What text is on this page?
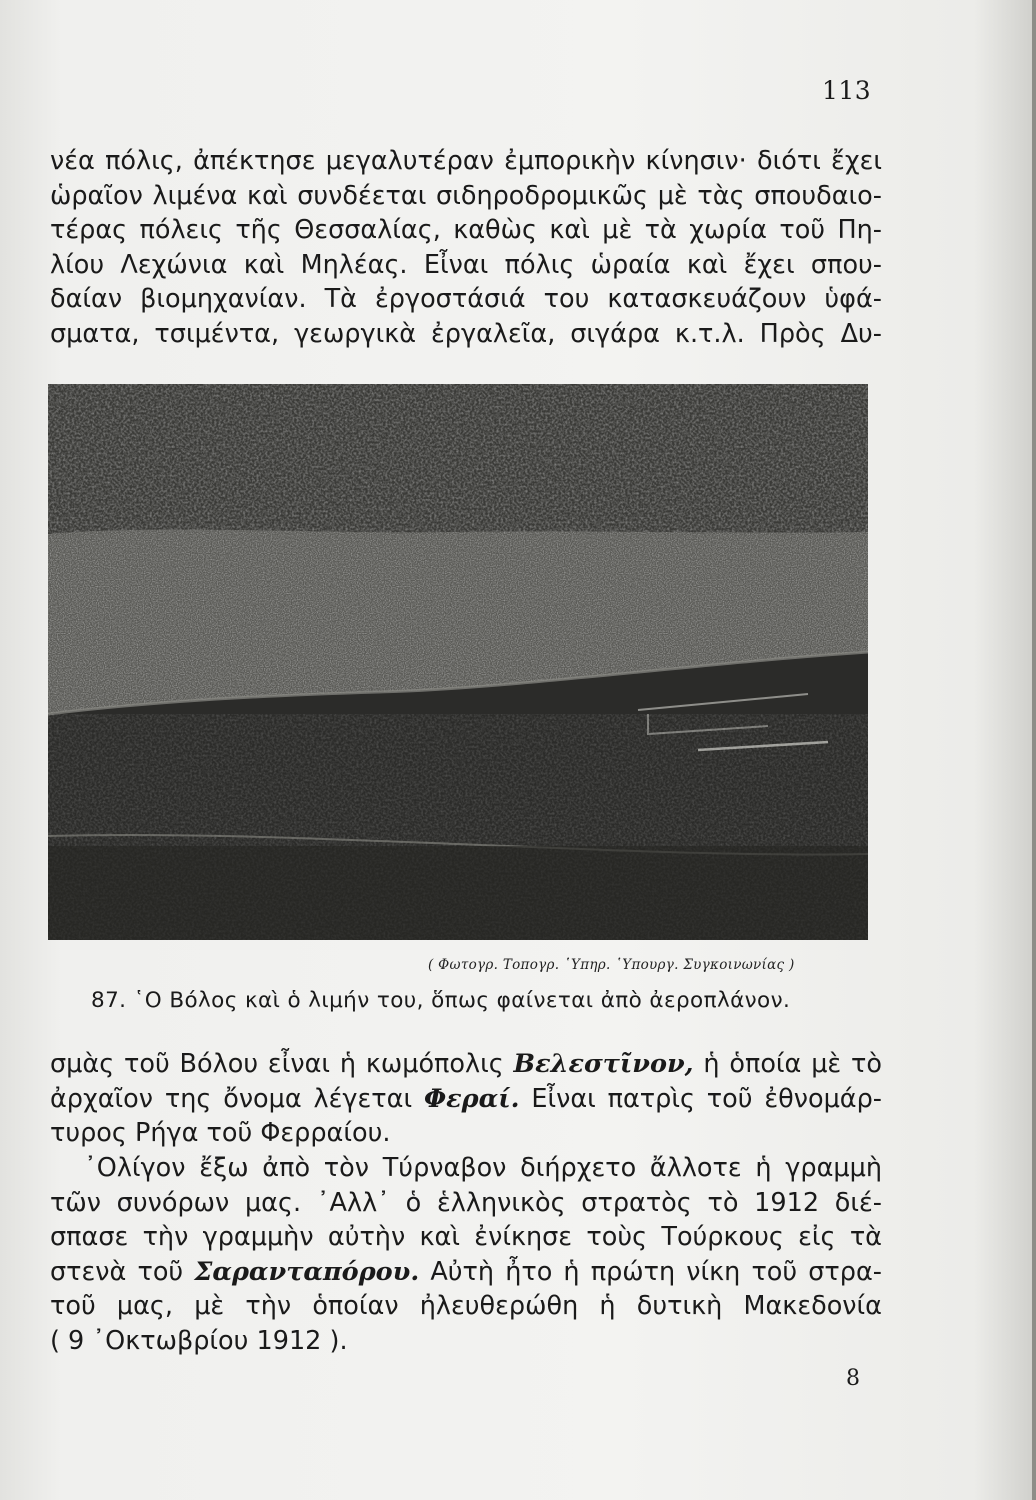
113
νέα πόλις, ἀπέκτησε μεγαλυτέραν ἐμπορικὴν κίνησιν· διότι ἔχει
ὡραῖον λιμένα καὶ συνδέεται σιδηροδρομικῶς μὲ τὰς σπουδαιο-
τέρας πόλεις τῆς Θεσσαλίας, καθὼς καὶ μὲ τὰ χωρία τοῦ Πη-
λίου Λεχώνια καὶ Μηλέας. Εἶναι πόλις ὡραία καὶ ἔχει σπου-
δαίαν βιομηχανίαν. Τὰ ἐργοστάσιά του κατασκευάζουν ὑφά-
σματα, τσιμέντα, γεωργικὰ ἐργαλεῖα, σιγάρα κ.τ.λ. Πρὸς Δυ-
( Φωτογρ. Τοπογρ. ῾Υπηρ. ῾Υπουργ. Συγκοινωνίας )
87. ῾Ο Βόλος καὶ ὁ λιμήν του, ὅπως φαίνεται ἀπὸ ἀεροπλάνον.
σμὰς τοῦ Βόλου εἶναι ἡ κωμόπολις Βελεστῖνον, ἡ ὁποία μὲ τὸ
ἀρχαῖον της ὄνομα λέγεται Φεραί. Εἶναι πατρὶς τοῦ ἐθνομάρ-
τυρος Ρήγα τοῦ Φερραίου.
᾿Ολίγον ἔξω ἀπὸ τὸν Τύρναβον διήρχετο ἄλλοτε ἡ γραμμὴ
τῶν συνόρων μας. ᾿Αλλ᾿ ὁ ἑλληνικὸς στρατὸς τὸ 1912 διέ-
σπασε τὴν γραμμὴν αὐτὴν καὶ ἐνίκησε τοὺς Τούρκους εἰς τὰ
στενὰ τοῦ Σαρανταπόρου. Αὐτὴ ἦτο ἡ πρώτη νίκη τοῦ στρα-
τοῦ μας, μὲ τὴν ὁποίαν ἠλευθερώθη ἡ δυτικὴ Μακεδονία
( 9 ᾿Οκτωβρίου 1912 ).
8
